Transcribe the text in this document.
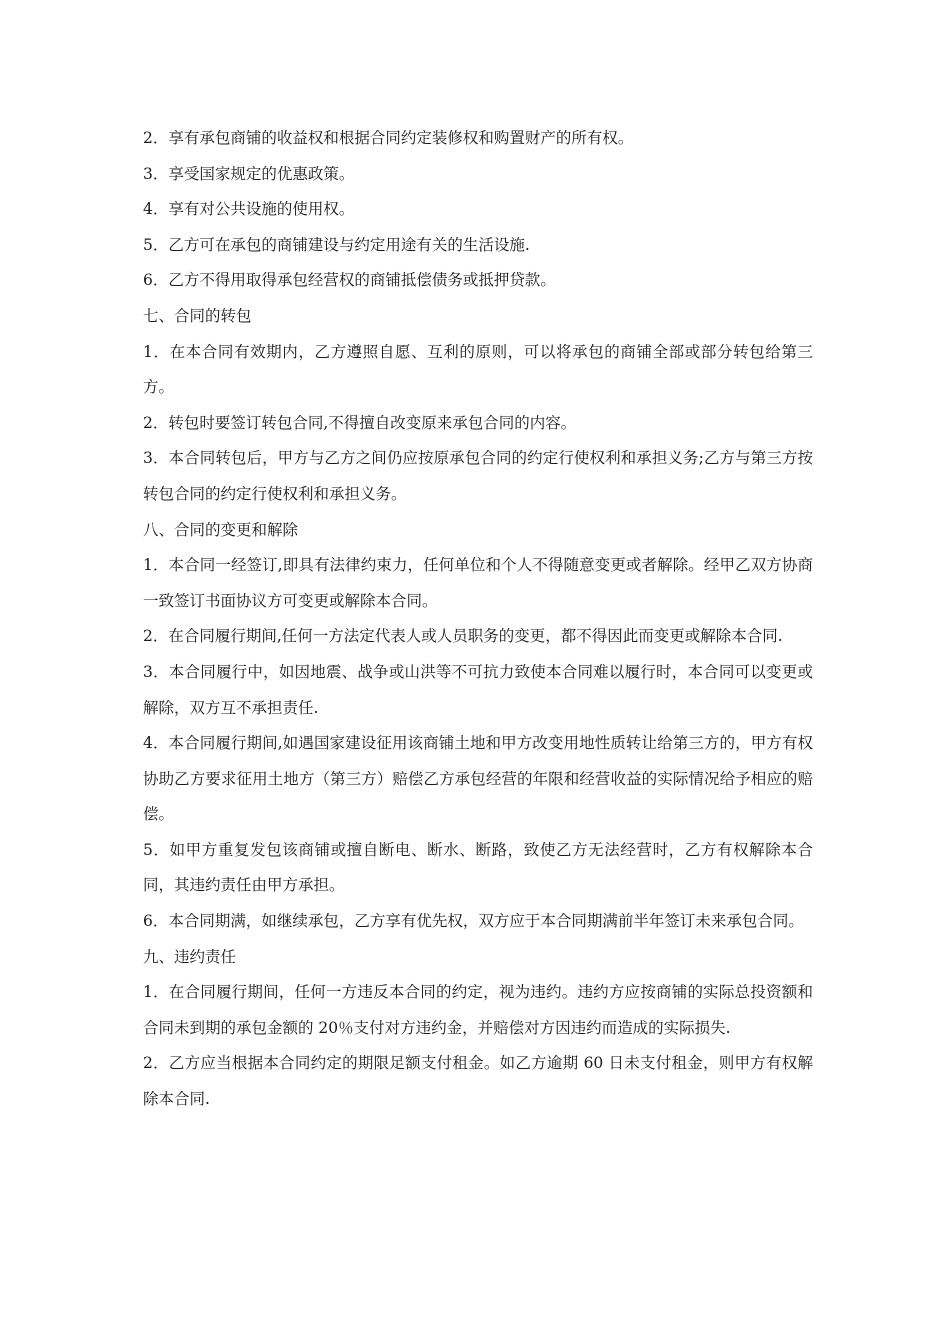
2．享有承包商铺的收益权和根据合同约定装修权和购置财产的所有权。

3．享受国家规定的优惠政策。

4．享有对公共设施的使用权。

5．乙方可在承包的商铺建设与约定用途有关的生活设施.

6．乙方不得用取得承包经营权的商铺抵偿债务或抵押贷款。

七、合同的转包

1．在本合同有效期内，乙方遵照自愿、互利的原则，可以将承包的商铺全部或部分转包给第三方。

2．转包时要签订转包合同,不得擅自改变原来承包合同的内容。

3．本合同转包后，甲方与乙方之间仍应按原承包合同的约定行使权利和承担义务;乙方与第三方按转包合同的约定行使权利和承担义务。

八、合同的变更和解除

1．本合同一经签订,即具有法律约束力，任何单位和个人不得随意变更或者解除。经甲乙双方协商一致签订书面协议方可变更或解除本合同。

2．在合同履行期间,任何一方法定代表人或人员职务的变更，都不得因此而变更或解除本合同.

3．本合同履行中，如因地震、战争或山洪等不可抗力致使本合同难以履行时，本合同可以变更或解除，双方互不承担责任.

4．本合同履行期间,如遇国家建设征用该商铺土地和甲方改变用地性质转让给第三方的，甲方有权协助乙方要求征用土地方（第三方）赔偿乙方承包经营的年限和经营收益的实际情况给予相应的赔偿。

5．如甲方重复发包该商铺或擅自断电、断水、断路，致使乙方无法经营时，乙方有权解除本合同，其违约责任由甲方承担。

6．本合同期满，如继续承包，乙方享有优先权，双方应于本合同期满前半年签订未来承包合同。

九、违约责任

1．在合同履行期间，任何一方违反本合同的约定，视为违约。违约方应按商铺的实际总投资额和合同未到期的承包金额的 20％支付对方违约金，并赔偿对方因违约而造成的实际损失.

2．乙方应当根据本合同约定的期限足额支付租金。如乙方逾期 60 日未支付租金，则甲方有权解除本合同.
